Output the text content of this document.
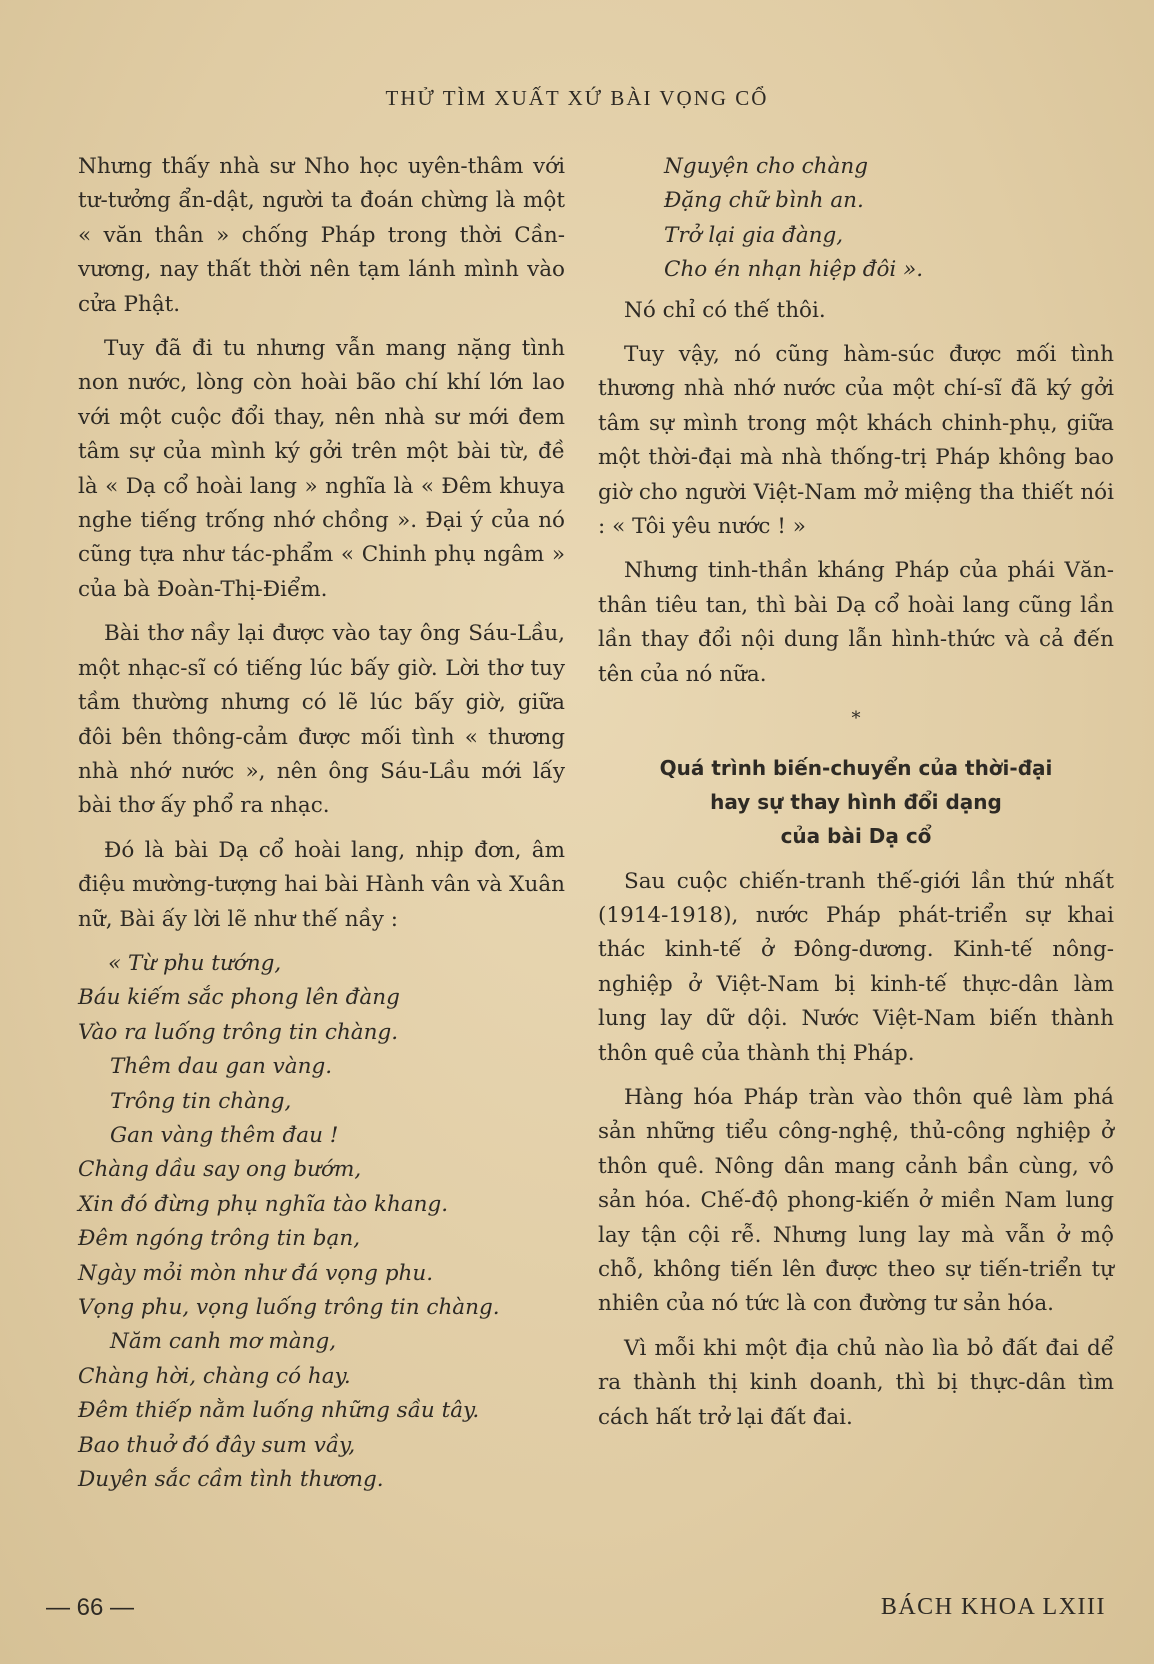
THỬ TÌM XUẤT XỨ BÀI VỌNG CỔ

Nhưng thấy nhà sư Nho học uyên-thâm với tư-tưởng ẩn-dật, người ta đoán chừng là một « văn thân » chống Pháp trong thời Cần-vương, nay thất thời nên tạm lánh mình vào cửa Phật.

Tuy đã đi tu nhưng vẫn mang nặng tình non nước, lòng còn hoài bão chí khí lớn lao với một cuộc đổi thay, nên nhà sư mới đem tâm sự của mình ký gởi trên một bài từ, đề là « Dạ cổ hoài lang » nghĩa là « Đêm khuya nghe tiếng trống nhớ chồng ». Đại ý của nó cũng tựa như tác-phẩm « Chinh phụ ngâm » của bà Đoàn-Thị-Điểm.

Bài thơ nầy lại được vào tay ông Sáu-Lầu, một nhạc-sĩ có tiếng lúc bấy giờ. Lời thơ tuy tầm thường nhưng có lẽ lúc bấy giờ, giữa đôi bên thông-cảm được mối tình « thương nhà nhớ nước », nên ông Sáu-Lầu mới lấy bài thơ ấy phổ ra nhạc.

Đó là bài Dạ cổ hoài lang, nhịp đơn, âm điệu mường-tượng hai bài Hành vân và Xuân nữ, Bài ấy lời lẽ như thế nầy :

« Từ phu tướng,
Báu kiếm sắc phong lên đàng
Vào ra luống trông tin chàng.
Thêm dau gan vàng.
Trông tin chàng,
Gan vàng thêm đau !
Chàng dầu say ong bướm,
Xin đó đừng phụ nghĩa tào khang.
Đêm ngóng trông tin bạn,
Ngày mỏi mòn như đá vọng phu.
Vọng phu, vọng luống trông tin chàng.
Năm canh mơ màng,
Chàng hời, chàng có hay.
Đêm thiếp nằm luống những sầu tây.
Bao thuở đó đây sum vầy,
Duyên sắc cầm tình thương.
Nguyện cho chàng
Đặng chữ bình an.
Trở lại gia đàng,
Cho én nhạn hiệp đôi ».

Nó chỉ có thế thôi.

Tuy vậy, nó cũng hàm-súc được mối tình thương nhà nhớ nước của một chí-sĩ đã ký gởi tâm sự mình trong một khách chinh-phụ, giữa một thời-đại mà nhà thống-trị Pháp không bao giờ cho người Việt-Nam mở miệng tha thiết nói : « Tôi yêu nước ! »

Nhưng tinh-thần kháng Pháp của phái Văn-thân tiêu tan, thì bài Dạ cổ hoài lang cũng lần lần thay đổi nội dung lẫn hình-thức và cả đến tên của nó nữa.

*
Quá trình biến-chuyển của thời-đại
hay sự thay hình đổi dạng
của bài Dạ cổ

Sau cuộc chiến-tranh thế-giới lần thứ nhất (1914-1918), nước Pháp phát-triển sự khai thác kinh-tế ở Đông-dương. Kinh-tế nông-nghiệp ở Việt-Nam bị kinh-tế thực-dân làm lung lay dữ dội. Nước Việt-Nam biến thành thôn quê của thành thị Pháp.

Hàng hóa Pháp tràn vào thôn quê làm phá sản những tiểu công-nghệ, thủ-công nghiệp ở thôn quê. Nông dân mang cảnh bần cùng, vô sản hóa. Chế-độ phong-kiến ở miền Nam lung lay tận cội rễ. Nhưng lung lay mà vẫn ở mộ chỗ, không tiến lên được theo sự tiến-triển tự nhiên của nó tức là con đường tư sản hóa.

Vì mỗi khi một địa chủ nào lìa bỏ đất đai dể ra thành thị kinh doanh, thì bị thực-dân tìm cách hất trở lại đất đai.

— 66 —	BÁCH KHOA LXIII
